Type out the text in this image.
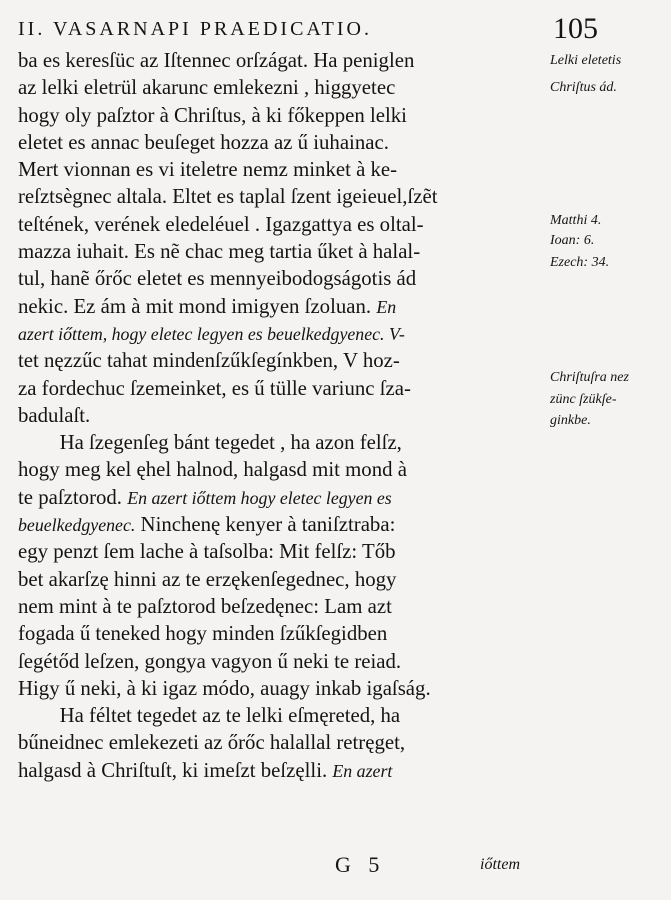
II. VASARNAPI PRAEDICATIO.	105
ba es keresſüc az Iſtennec orſzágat. Ha peniglen
az lelki eletrül akarunc emlekezni , higgyetec
hogy oly paſztor à Chriſtus, à ki főkeppen lelki
eletet es annac beuſeget hozza az ű iuhainac.
Mert vionnan es vi iteletre nemz minket à ke-
reſztsègnec altala. Eltet es taplal ſzent igeieuel,ſzẽt
teſtének, verének eledeléuel . Igazgattya es oltal-
mazza iuhait. Es nẽ chac meg tartia űket à halal-
tul, hanẽ őrőc eletet es mennyeibodogságotis ád
nekic. Ez ám à mit mond imigyen ſzoluan. En
azert iőttem, hogy eletec legyen es beuelkedgyenec. V-
tet nęzzűc tahat mindenſzűkſegínkben, V hoz-
za fordechuc ſzemeinket, es ű tülle variunc ſza-
badulaſt.
Ha ſzegenſeg bánt tegedet , ha azon felſz,
hogy meg kel ęhel halnod, halgasd mit mond à
te paſztorod. En azert iőttem hogy eletec legyen es
beuelkedgyenec. Ninchenę kenyer à taniſztraba:
egy penzt ſem lache à taſsolba: Mit felſz: Tőb
bet akarſzę hinni az te erzękenſegednec, hogy
nem mint à te paſztorod beſzedęnec: Lam azt
fogada ű teneked hogy minden ſzűkſegidben
ſegétőd leſzen, gongya vagyon ű neki te reiad.
Higy ű neki, à ki igaz módo, auagy inkab igaſság.
Ha féltet tegedet az te lelki eſmęreted, ha
bűneidnec emlekezeti az őrőc halallal retręget,
halgasd à Chriſtuſt, ki imeſzt beſzęlli. En azert
Lelki eletetis
Chriſtus ád.
Matthi 4.
Ioan: 6.
Ezech: 34.
Chriſtuſra nez
zünc ſzükſe-
ginkbe.
G 5	iőttem
